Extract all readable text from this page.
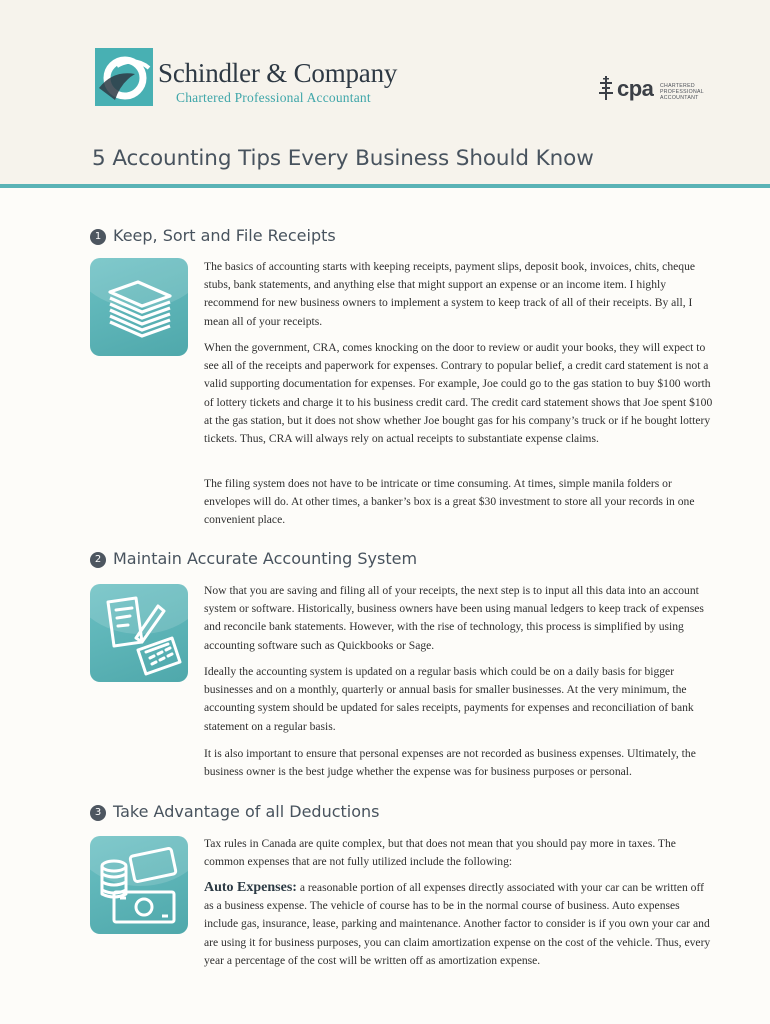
Schindler & Company
Chartered Professional Accountant	cpa CHARTERED PROFESSIONAL ACCOUNTANT
5 Accounting Tips Every Business Should Know
1 Keep, Sort and File Receipts

The basics of accounting starts with keeping receipts, payment slips, deposit book, invoices, chits, cheque stubs, bank statements, and anything else that might support an expense or an income item. I highly recommend for new business owners to implement a system to keep track of all of their receipts. By all, I mean all of your receipts.

When the government, CRA, comes knocking on the door to review or audit your books, they will expect to see all of the receipts and paperwork for expenses. Contrary to popular belief, a credit card statement is not a valid supporting documentation for expenses. For example, Joe could go to the gas station to buy $100 worth of lottery tickets and charge it to his business credit card. The credit card statement shows that Joe spent $100 at the gas station, but it does not show whether Joe bought gas for his company’s truck or if he bought lottery tickets. Thus, CRA will always rely on actual receipts to substantiate expense claims.

The filing system does not have to be intricate or time consuming. At times, simple manila folders or envelopes will do. At other times, a banker’s box is a great $30 investment to store all your records in one convenient place.

2 Maintain Accurate Accounting System

Now that you are saving and filing all of your receipts, the next step is to input all this data into an account system or software. Historically, business owners have been using manual ledgers to keep track of expenses and reconcile bank statements. However, with the rise of technology, this process is simplified by using accounting software such as Quickbooks or Sage.

Ideally the accounting system is updated on a regular basis which could be on a daily basis for bigger businesses and on a monthly, quarterly or annual basis for smaller businesses. At the very minimum, the accounting system should be updated for sales receipts, payments for expenses and reconciliation of bank statement on a regular basis.

It is also important to ensure that personal expenses are not recorded as business expenses. Ultimately, the business owner is the best judge whether the expense was for business purposes or personal.

3 Take Advantage of all Deductions

Tax rules in Canada are quite complex, but that does not mean that you should pay more in taxes. The common expenses that are not fully utilized include the following:

Auto Expenses: a reasonable portion of all expenses directly associated with your car can be written off as a business expense. The vehicle of course has to be in the normal course of business. Auto expenses include gas, insurance, lease, parking and maintenance. Another factor to consider is if you own your car and are using it for business purposes, you can claim amortization expense on the cost of the vehicle. Thus, every year a percentage of the cost will be written off as amortization expense.
